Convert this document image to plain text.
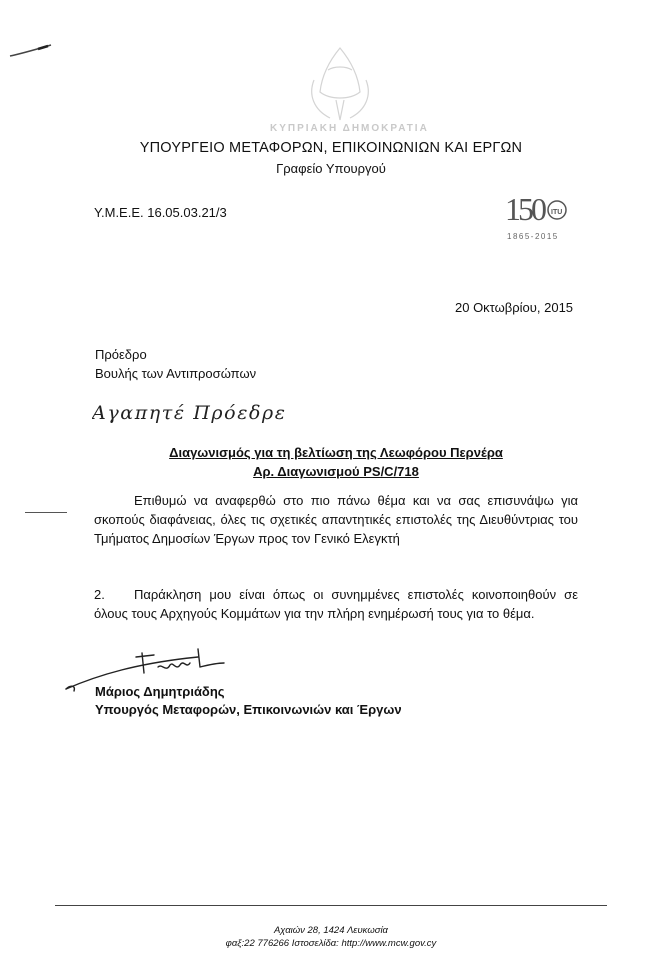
ΚΥΠΡΙΑΚΗ ΔΗΜΟΚΡΑΤΙΑ
ΥΠΟΥΡΓΕΙΟ ΜΕΤΑΦΟΡΩΝ, ΕΠΙΚΟΙΝΩΝΙΩΝ ΚΑΙ ΕΡΓΩΝ
Γραφείο Υπουργού
Υ.Μ.Ε.Ε. 16.05.03.21/3	150 ITU
1865-2015
20 Οκτωβρίου, 2015
Πρόεδρο
Βουλής των Αντιπροσώπων
Αγαπητέ Πρόεδρε
Διαγωνισμός για τη βελτίωση της Λεωφόρου Περνέρα
Αρ. Διαγωνισμού PS/C/718
Επιθυμώ να αναφερθώ στο πιο πάνω θέμα και να σας επισυνάψω για σκοπούς διαφάνειας, όλες τις σχετικές απαντητικές επιστολές της Διευθύντριας του Τμήματος Δημοσίων Έργων προς τον Γενικό Ελεγκτή
2. Παράκληση μου είναι όπως οι συνημμένες επιστολές κοινοποιηθούν σε όλους τους Αρχηγούς Κομμάτων για την πλήρη ενημέρωσή τους για το θέμα.
Μάριος Δημητριάδης
Υπουργός Μεταφορών, Επικοινωνιών και Έργων
Αχαιών 28, 1424 Λευκωσία
φαξ:22 776266 Ιστοσελίδα: http://www.mcw.gov.cy
